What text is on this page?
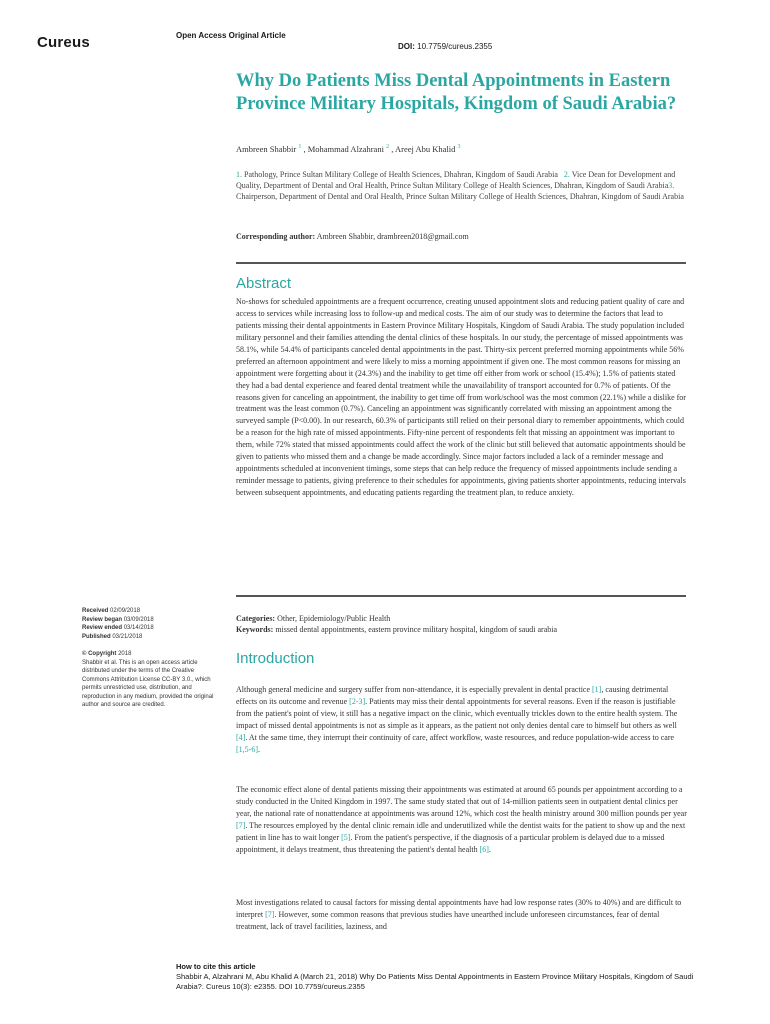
Cureus	Open Access Original Article
DOI: 10.7759/cureus.2355
Why Do Patients Miss Dental Appointments in Eastern Province Military Hospitals, Kingdom of Saudi Arabia?
Ambreen Shabbir $^1$ , Mohammad Alzahrani $^2$ , Areej Abu Khalid $^3$
1. Pathology, Prince Sultan Military College of Health Sciences, Dhahran, Kingdom of Saudi Arabia 2. Vice Dean for Development and Quality, Department of Dental and Oral Health, Prince Sultan Military College of Health Sciences, Dhahran, Kingdom of Saudi Arabia3. Chairperson, Department of Dental and Oral Health, Prince Sultan Military College of Health Sciences, Dhahran, Kingdom of Saudi Arabia
Corresponding author: Ambreen Shabbir, drambreen2018@gmail.com
Abstract

No-shows for scheduled appointments are a frequent occurrence, creating unused appointment slots and reducing patient quality of care and access to services while increasing loss to follow-up and medical costs. The aim of our study was to determine the factors that lead to patients missing their dental appointments in Eastern Province Military Hospitals, Kingdom of Saudi Arabia. The study population included military personnel and their families attending the dental clinics of these hospitals. In our study, the percentage of missed appointments was 58.1%, while 54.4% of participants canceled dental appointments in the past. Thirty-six percent preferred morning appointments while 56% preferred an afternoon appointment and were likely to miss a morning appointment if given one. The most common reasons for missing an appointment were forgetting about it (24.3%) and the inability to get time off either from work or school (15.4%); 1.5% of patients stated they had a bad dental experience and feared dental treatment while the unavailability of transport accounted for 0.7% of patients. Of the reasons given for canceling an appointment, the inability to get time off from work/school was the most common (22.1%) while a dislike for treatment was the least common (0.7%). Canceling an appointment was significantly correlated with missing an appointment among the surveyed sample (P<0.00). In our research, 60.3% of participants still relied on their personal diary to remember appointments, which could be a reason for the high rate of missed appointments. Fifty-nine percent of respondents felt that missing an appointment was important to them, while 72% stated that missed appointments could affect the work of the clinic but still believed that automatic appointments should be given to patients who missed them and a change be made accordingly. Since major factors included a lack of a reminder message and appointments scheduled at inconvenient timings, some steps that can help reduce the frequency of missed appointments include sending a reminder message to patients, giving preference to their schedules for appointments, giving patients shorter appointments, reducing intervals between subsequent appointments, and educating patients regarding the treatment plan, to reduce anxiety.

Categories: Other, Epidemiology/Public Health
Keywords: missed dental appointments, eastern province military hospital, kingdom of saudi arabia
Received 02/09/2018
Review began 03/09/2018
Review ended 03/14/2018
Published 03/21/2018
© Copyright 2018
Shabbir et al. This is an open access article distributed under the terms of the Creative Commons Attribution License CC-BY 3.0., which permits unrestricted use, distribution, and reproduction in any medium, provided the original author and source are credited.
Introduction

Although general medicine and surgery suffer from non-attendance, it is especially prevalent in dental practice [1], causing detrimental effects on its outcome and revenue [2-3]. Patients may miss their dental appointments for several reasons. Even if the reason is justifiable from the patient's point of view, it still has a negative impact on the clinic, which eventually trickles down to the entire health system. The impact of missed dental appointments is not as simple as it appears, as the patient not only denies dental care to himself but others as well [4]. At the same time, they interrupt their continuity of care, affect workflow, waste resources, and reduce population-wide access to care [1,5-6].

The economic effect alone of dental patients missing their appointments was estimated at around 65 pounds per appointment according to a study conducted in the United Kingdom in 1997. The same study stated that out of 14-million patients seen in outpatient dental clinics per year, the national rate of nonattendance at appointments was around 12%, which cost the health ministry around 300 million pounds per year [7]. The resources employed by the dental clinic remain idle and underutilized while the dentist waits for the patient to show up and the next patient in line has to wait longer [5]. From the patient's perspective, if the diagnosis of a particular problem is delayed due to a missed appointment, it delays treatment, thus threatening the patient's dental health [6].

Most investigations related to causal factors for missing dental appointments have had low response rates (30% to 40%) and are difficult to interpret [7]. However, some common reasons that previous studies have unearthed include unforeseen circumstances, fear of dental treatment, lack of travel facilities, laziness, and

How to cite this article
Shabbir A, Alzahrani M, Abu Khalid A (March 21, 2018) Why Do Patients Miss Dental Appointments in Eastern Province Military Hospitals, Kingdom of Saudi Arabia?. Cureus 10(3): e2355. DOI 10.7759/cureus.2355
